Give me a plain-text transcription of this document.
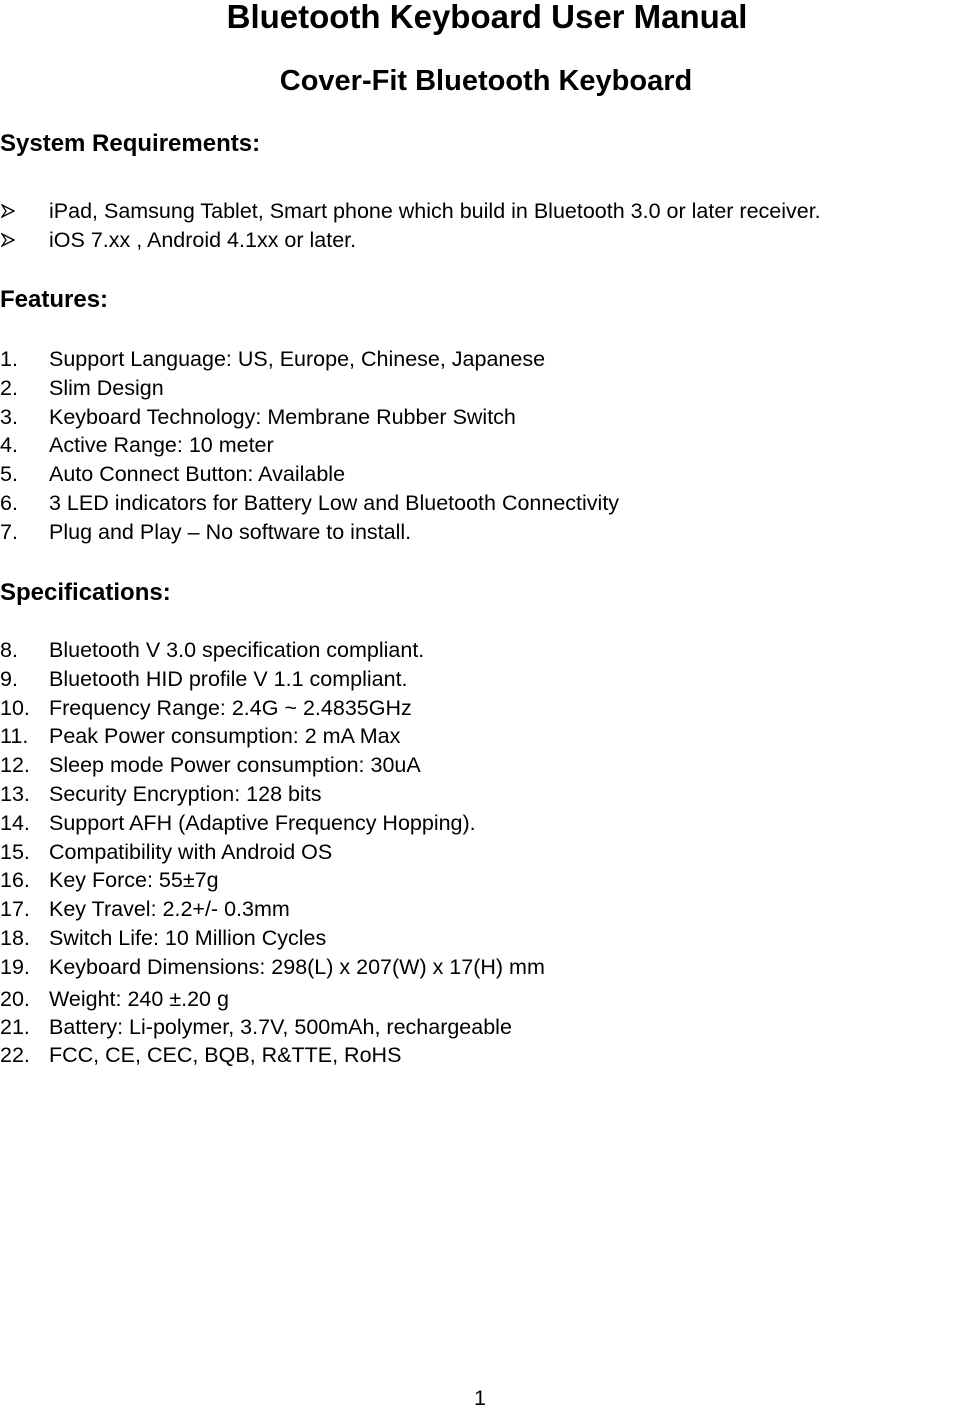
Bluetooth Keyboard User Manual
Cover-Fit Bluetooth Keyboard
System Requirements:
iPad, Samsung Tablet, Smart phone which build in Bluetooth 3.0 or later receiver.
iOS 7.xx , Android 4.1xx or later.
Features:
1. Support Language: US, Europe, Chinese, Japanese
2. Slim Design
3. Keyboard Technology: Membrane Rubber Switch
4. Active Range: 10 meter
5. Auto Connect Button: Available
6. 3 LED indicators for Battery Low and Bluetooth Connectivity
7. Plug and Play – No software to install.
Specifications:
8. Bluetooth V 3.0 specification compliant.
9. Bluetooth HID profile V 1.1 compliant.
10. Frequency Range: 2.4G ~ 2.4835GHz
11. Peak Power consumption: 2 mA Max
12. Sleep mode Power consumption: 30uA
13. Security Encryption: 128 bits
14. Support AFH (Adaptive Frequency Hopping).
15. Compatibility with Android OS
16. Key Force: 55±7g
17. Key Travel: 2.2+/- 0.3mm
18. Switch Life: 10 Million Cycles
19. Keyboard Dimensions: 298(L) x 207(W) x 17(H) mm
20. Weight: 240 ±.20 g
21. Battery: Li-polymer, 3.7V, 500mAh, rechargeable
22. FCC, CE, CEC, BQB, R&TTE, RoHS
1
